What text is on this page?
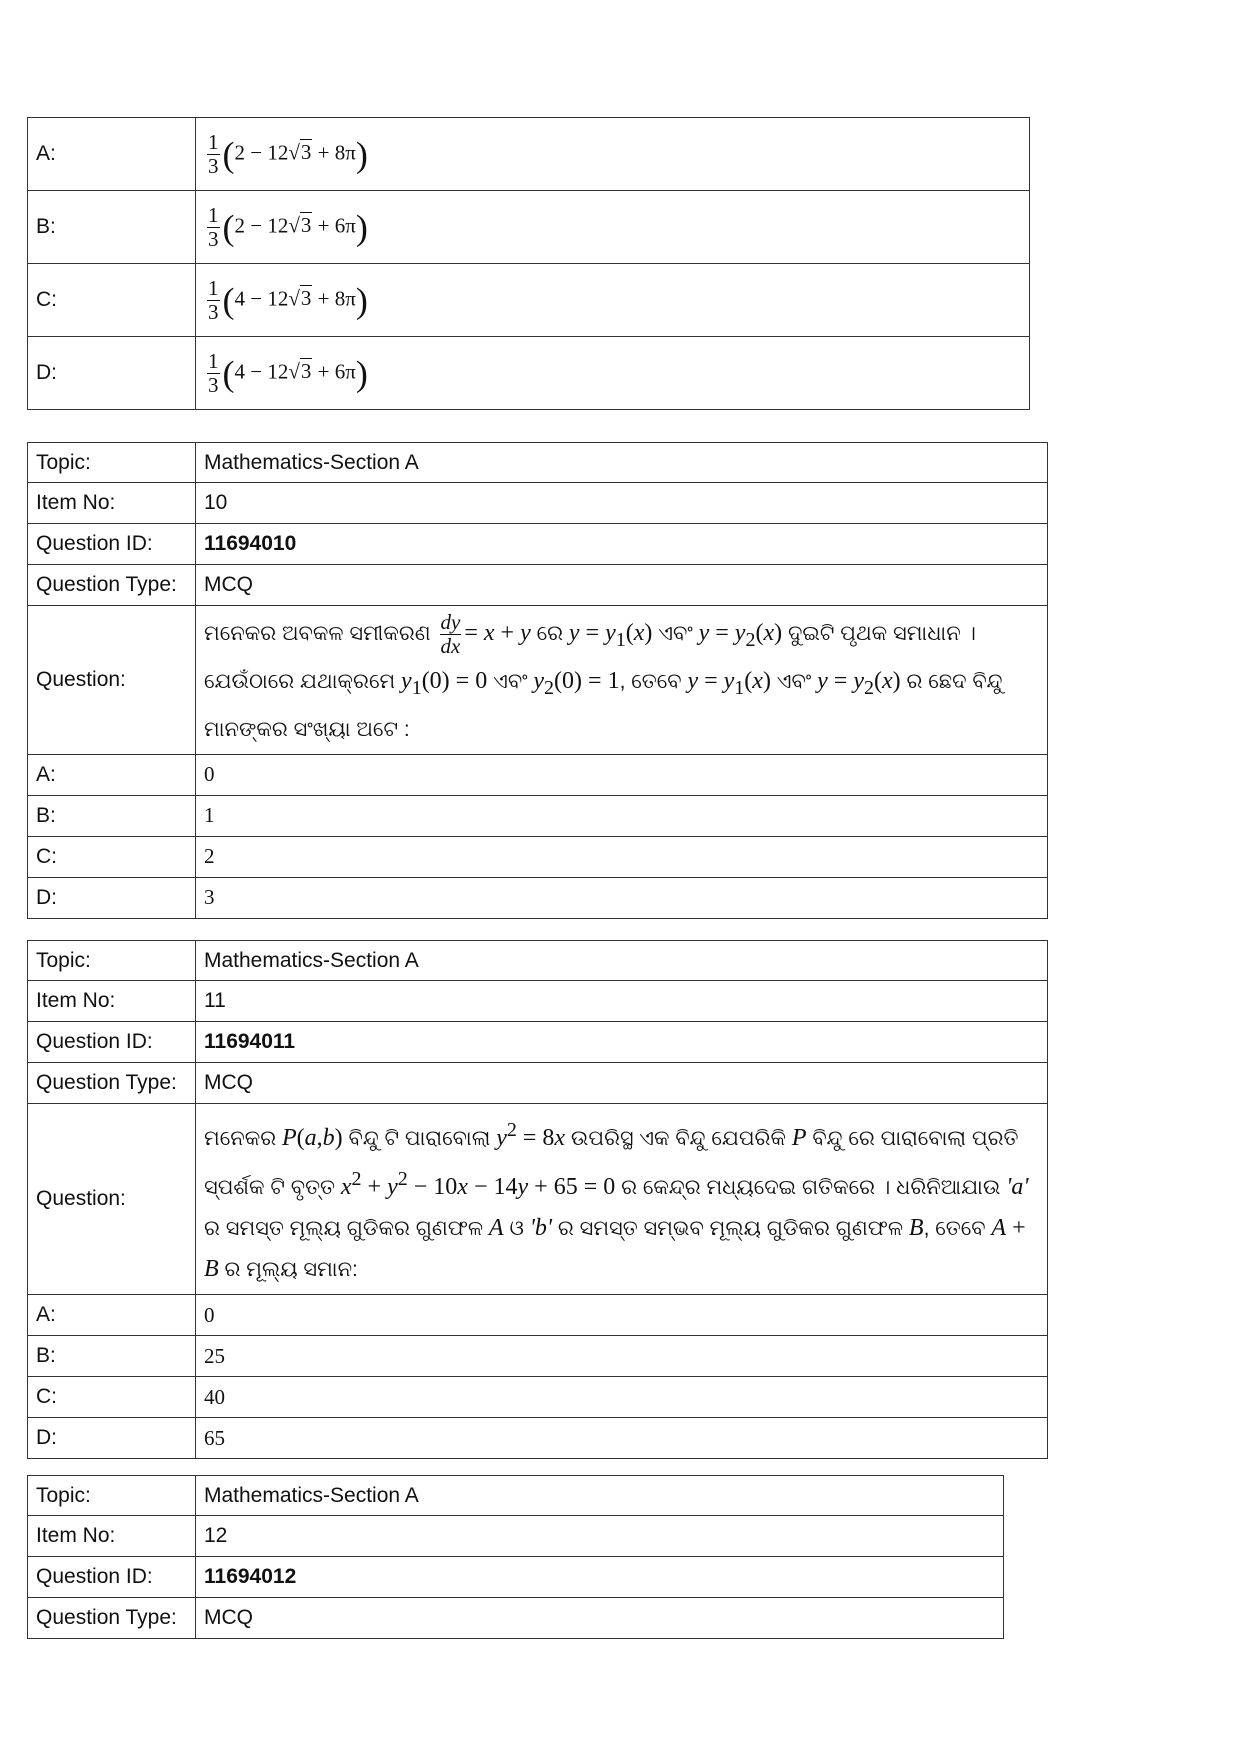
A:	$\frac{1}{3} (2 - 12√3 + 8\pi)$
B:	$\frac{1}{3} (2 - 12√3 + 6\pi)$
C:	$\frac{1}{3} (4 - 12√3 + 8\pi)$
D:	$\frac{1}{3} (4 - 12√3 + 6\pi)$
Topic:	Mathematics-Section A
Item No:	10
Question ID:	11694010
Question Type:	MCQ
Question:	ମନେକର ଅବକଳ ସମୀକରଣ $\frac{dy}{dx} = x + y$ ରେ $y = y_1(x)$ ଏବଂ $y = y_2(x)$ ଦୁଇଟି ପୃଥକ ସମାଧାନ । ଯେଉଁଠାରେ ଯଥାକ୍ରମେ $y_1(0) = 0$ ଏବଂ $y_2(0) = 1$, ତେବେ $y = y_1(x)$ ଏବଂ $y = y_2(x)$ ର ଛେଦ ବିନ୍ଦୁ ମାନଙ୍କର ସଂଖ୍ୟା ଅଟେ :
A:	0
B:	1
C:	2
D:	3
Topic:	Mathematics-Section A
Item No:	11
Question ID:	11694011
Question Type:	MCQ
Question:	ମନେକର P(a,b) ବିନ୍ଦୁ ଟି ପାରାବୋଲା $y^2 = 8x$ ଉପରିସ୍ଥ ଏକ ବିନ୍ଦୁ ଯେପରିକି P ବିନ୍ଦୁ ରେ ପାରାବୋଲା ପ୍ରତି ସ୍ପର୍ଶକ ଟି ବୃତ୍ତ $x^2 + y^2 - 10x - 14y + 65 = 0$ ର କେନ୍ଦ୍ର ମଧ୍ୟଦେଇ ଗତିକରେ । ଧରିନିଆଯାଉ 'a' ର ସମସ୍ତ ମୂଲ୍ୟ ଗୁଡିକର ଗୁଣଫଳ A ଓ 'b' ର ସମସ୍ତ ସମ୍ଭବ ମୂଲ୍ୟ ଗୁଡିକର ଗୁଣଫଳ B, ତେବେ A + B ର ମୂଲ୍ୟ ସମାନ:
A:	0
B:	25
C:	40
D:	65
Topic:	Mathematics-Section A
Item No:	12
Question ID:	11694012
Question Type:	MCQ
